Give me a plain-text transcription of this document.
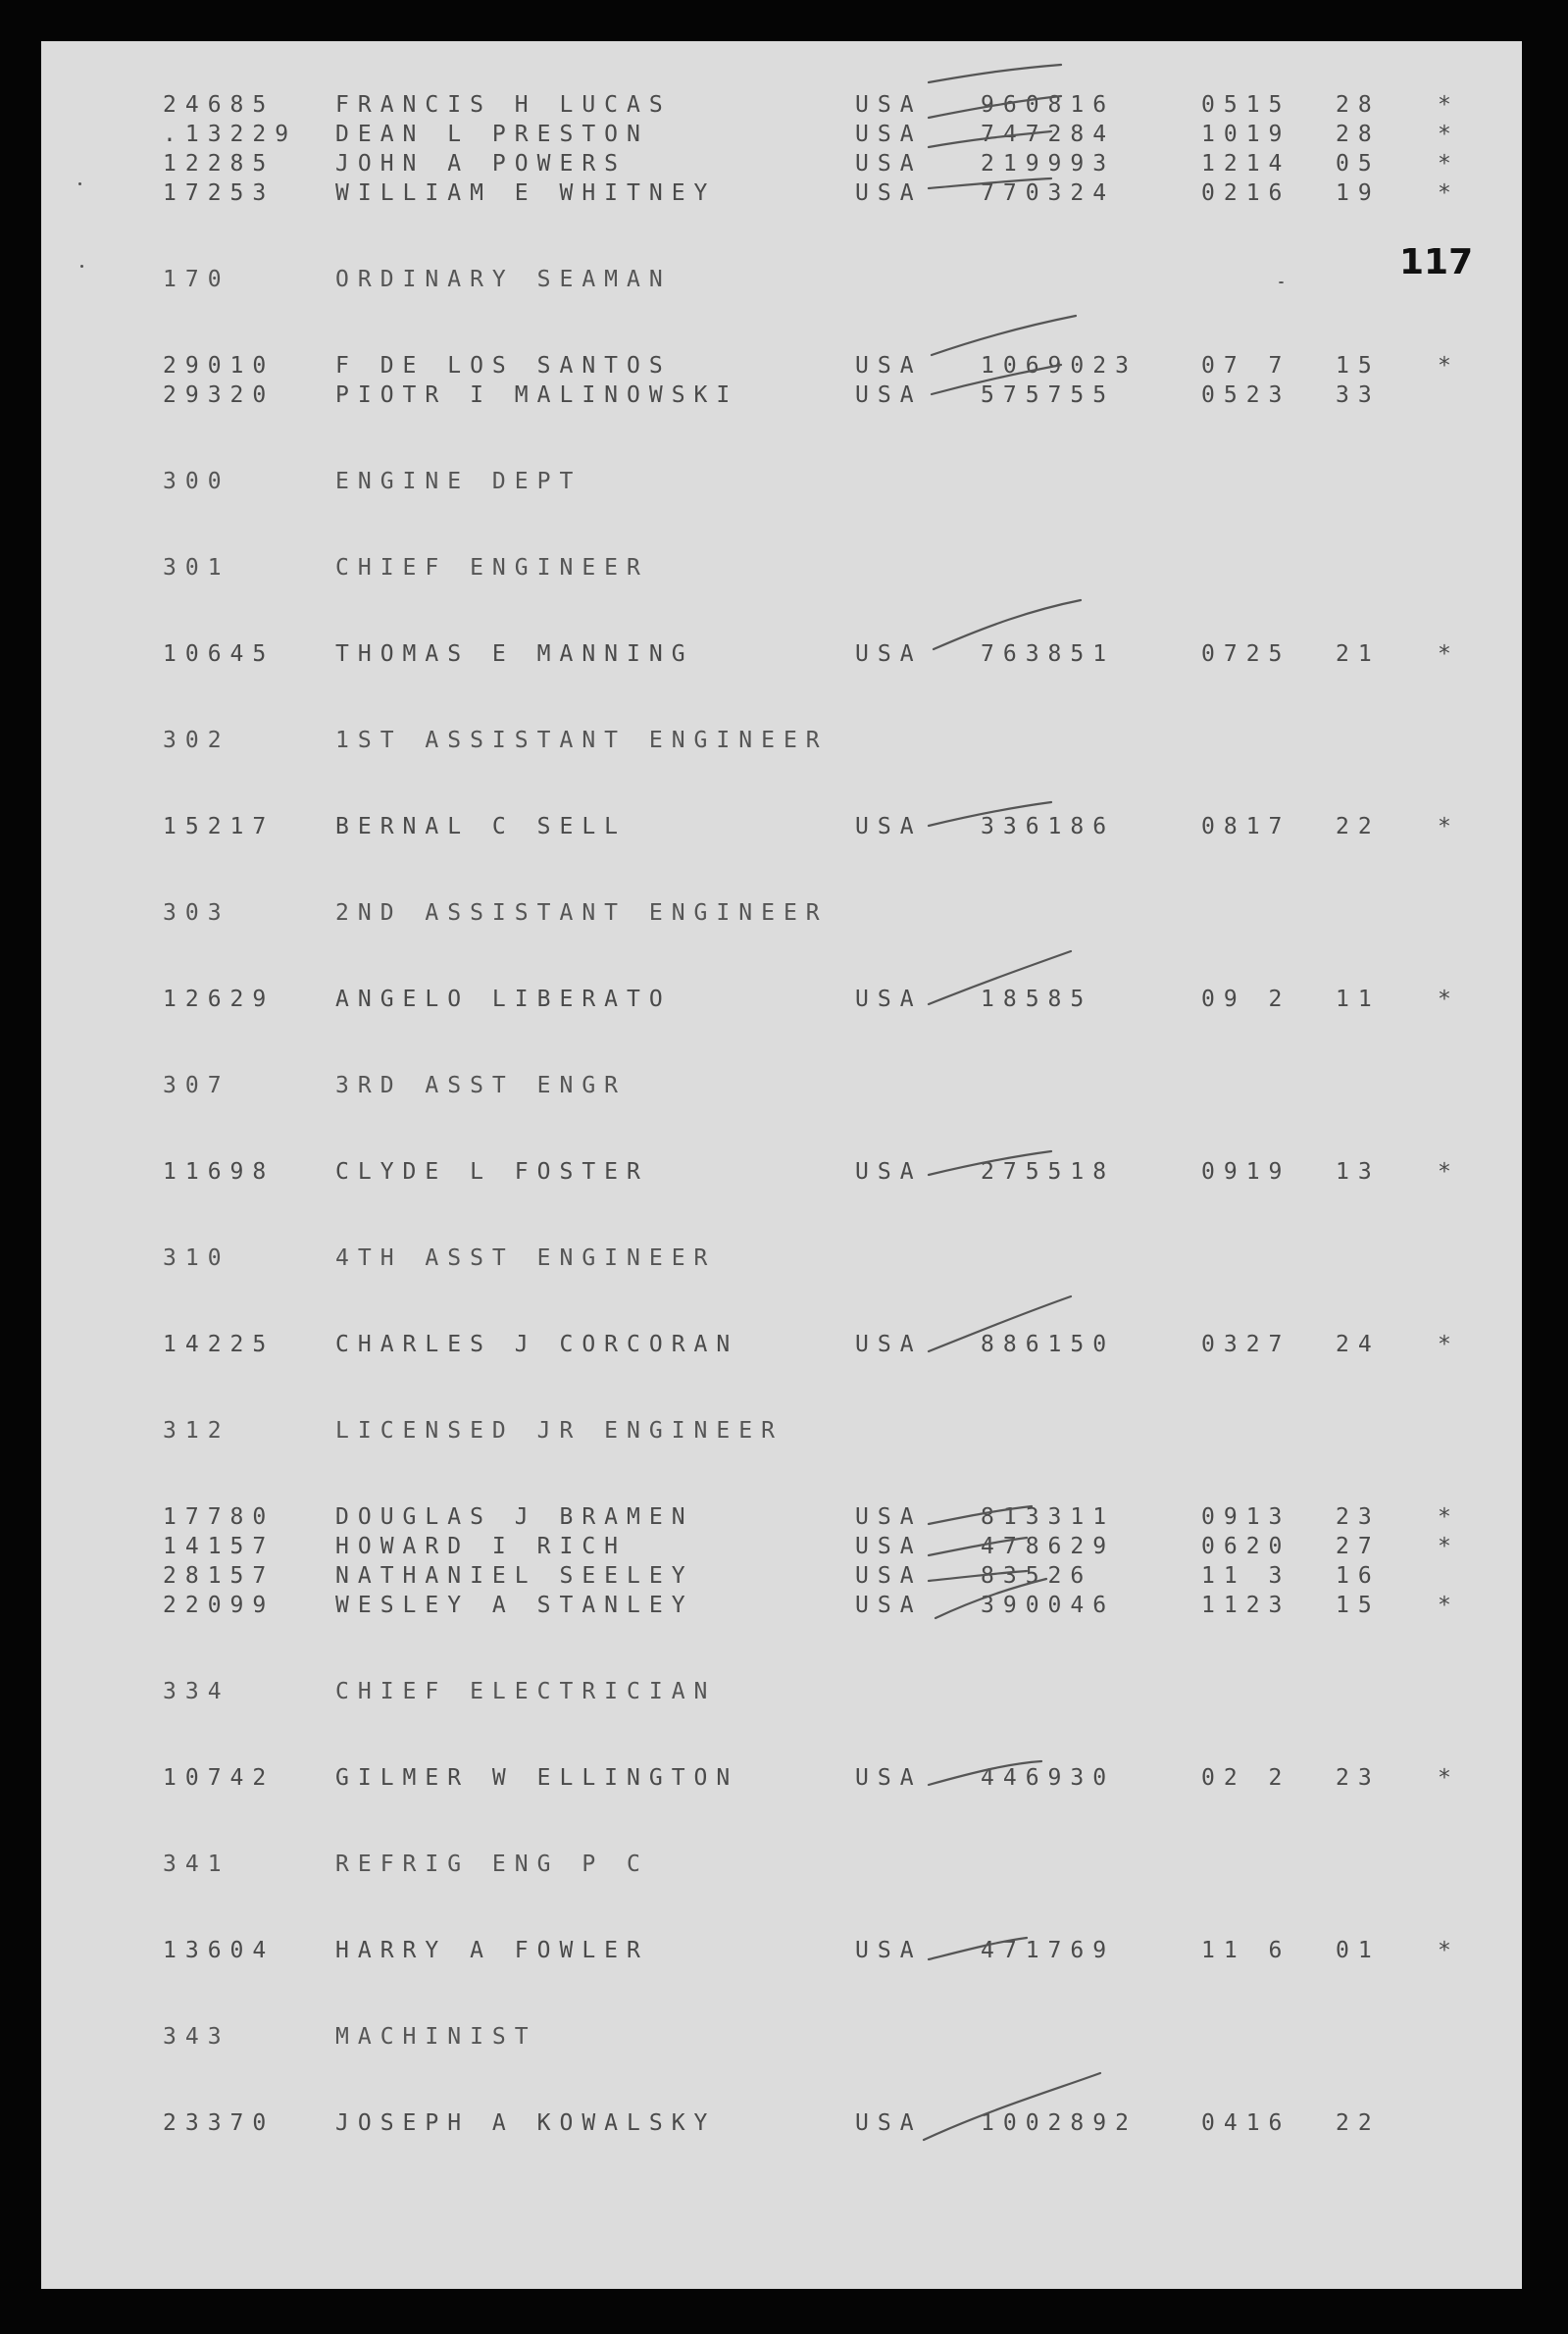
117
24685	FRANCIS H LUCAS	USA	960816	0515 28	*
.13229 DEAN L PRESTON	USA	747284	1019 28	*
12285	JOHN A POWERS	USA	219993	1214 05	*
17253	WILLIAM E WHITNEY	USA	770324	0216 19	*
170	ORDINARY SEAMAN
29010	F DE LOS SANTOS	USA	1069023	07 7 15	*
29320	PIOTR I MALINOWSKI	USA	575755	0523 33
300	ENGINE DEPT
301	CHIEF ENGINEER
10645	THOMAS E MANNING	USA	763851	0725 21	*
302	1ST ASSISTANT ENGINEER
15217	BERNAL C SELL	USA	336186	0817 22	*
303	2ND ASSISTANT ENGINEER
12629	ANGELO LIBERATO	USA	18585	09 2 11	*
307	3RD ASST ENGR
11698	CLYDE L FOSTER	USA	275518	0919 13	*
310	4TH ASST ENGINEER
14225	CHARLES J CORCORAN	USA	886150	0327 24	*
312	LICENSED JR ENGINEER
17780	DOUGLAS J BRAMEN	USA	813311	0913 23	*
14157	HOWARD I RICH	USA	478629	0620 27	*
28157	NATHANIEL SEELEY	USA	83526	11 3 16
22099	WESLEY A STANLEY	USA	390046	1123 15	*
334	CHIEF ELECTRICIAN
10742	GILMER W ELLINGTON	USA	446930	02 2 23	*
341	REFRIG ENG P C
13604	HARRY A FOWLER	USA	471769	11 6 01	*
343	MACHINIST
23370	JOSEPH A KOWALSKY	USA	1002892	0416 22
